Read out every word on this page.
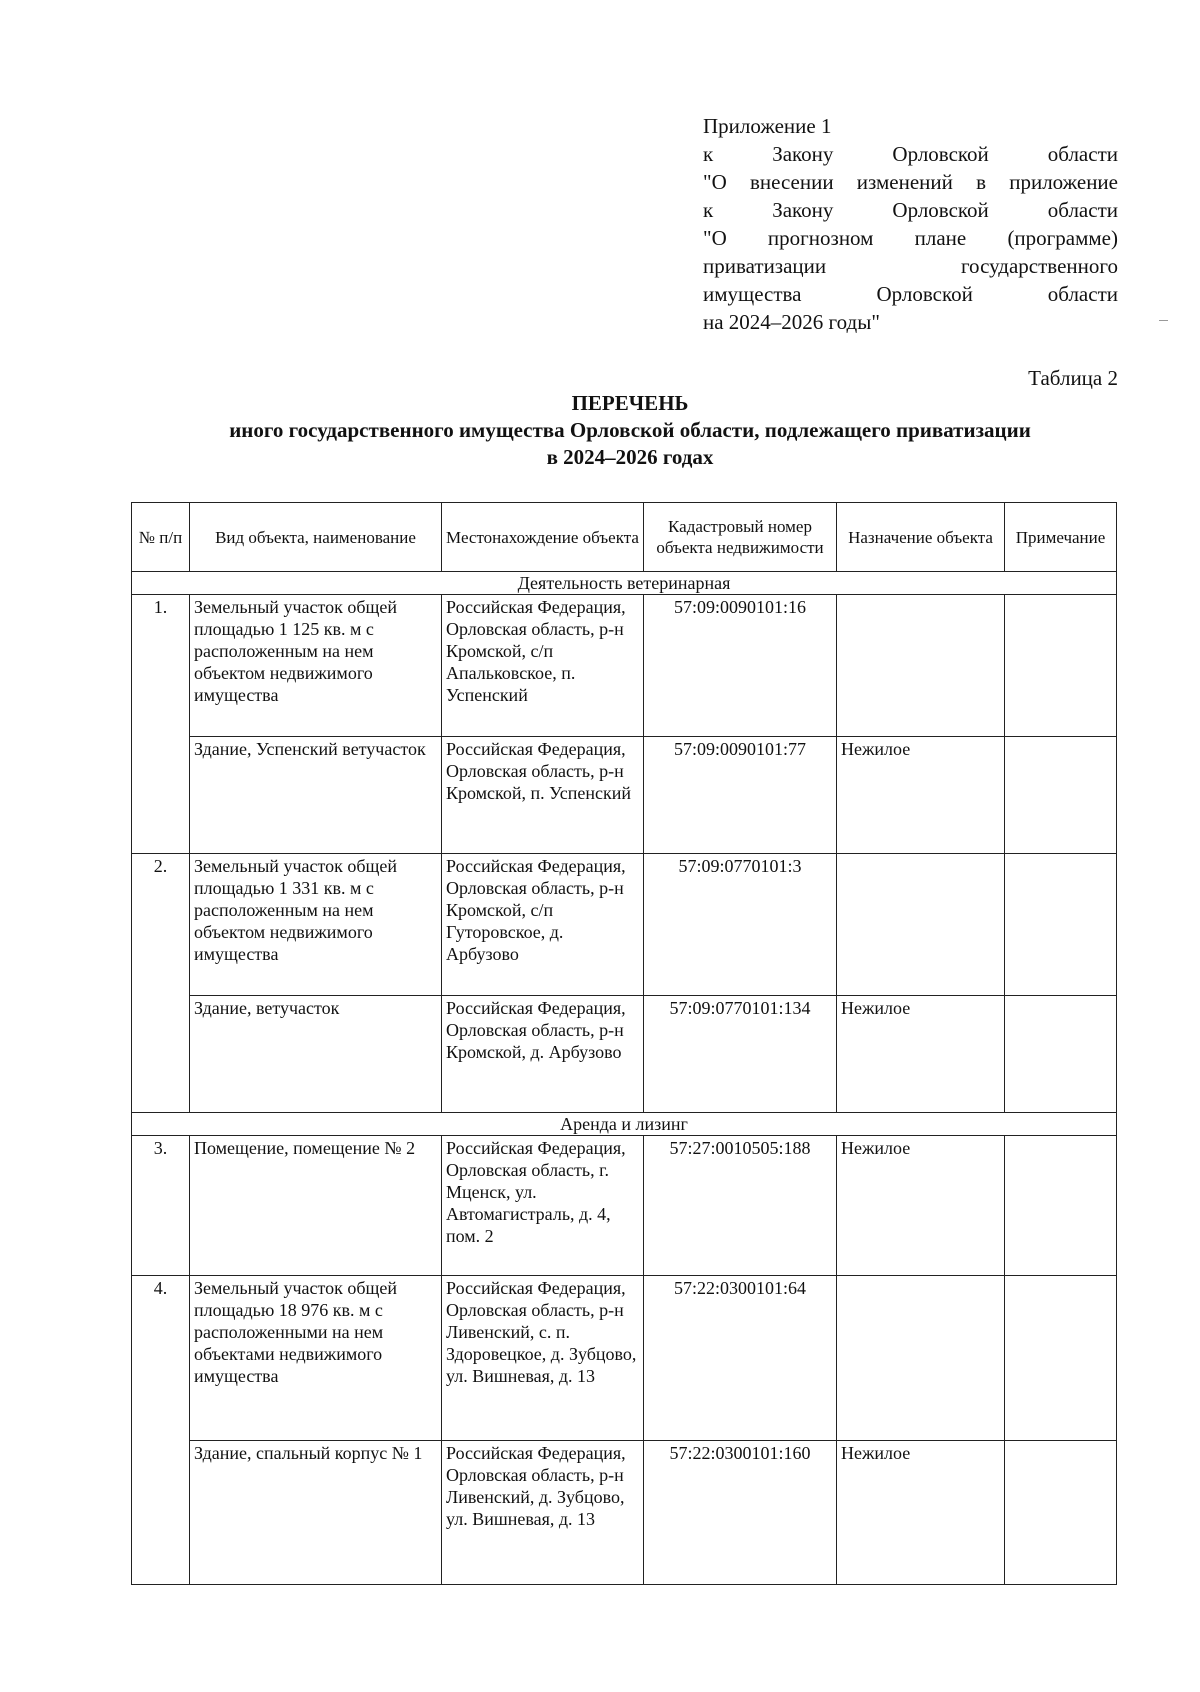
Приложение 1
к Закону Орловской области
"О внесении изменений в приложение
к Закону Орловской области
"О прогнозном плане (программе)
приватизации государственного
имущества Орловской области
на 2024–2026 годы"
Таблица 2
ПЕРЕЧЕНЬ
иного государственного имущества Орловской области, подлежащего приватизации
в 2024–2026 годах
№ п/п	Вид объекта, наименование	Местонахождение объекта	Кадастровый номер объекта недвижимости	Назначение объекта	Примечание
Деятельность ветеринарная					
1.	Земельный участок общей площадью 1 125 кв. м с расположенным на нем объектом недвижимого имущества	Российская Федерация, Орловская область, р-н Кромской, с/п Апальковское, п. Успенский	57:09:0090101:16		
	Здание, Успенский ветучасток	Российская Федерация, Орловская область, р-н Кромской, п. Успенский	57:09:0090101:77	Нежилое	
2.	Земельный участок общей площадью 1 331 кв. м с расположенным на нем объектом недвижимого имущества	Российская Федерация, Орловская область, р-н Кромской, с/п Гуторовское, д. Арбузово	57:09:0770101:3		
	Здание, ветучасток	Российская Федерация, Орловская область, р-н Кромской, д. Арбузово	57:09:0770101:134	Нежилое	
Аренда и лизинг					
3.	Помещение, помещение № 2	Российская Федерация, Орловская область, г. Мценск, ул. Автомагистраль, д. 4, пом. 2	57:27:0010505:188	Нежилое	
4.	Земельный участок общей площадью 18 976 кв. м с расположенными на нем объектами недвижимого имущества	Российская Федерация, Орловская область, р-н Ливенский, с. п. Здоровецкое, д. Зубцово, ул. Вишневая, д. 13	57:22:0300101:64		
	Здание, спальный корпус № 1	Российская Федерация, Орловская область, р-н Ливенский, д. Зубцово, ул. Вишневая, д. 13	57:22:0300101:160	Нежилое	
